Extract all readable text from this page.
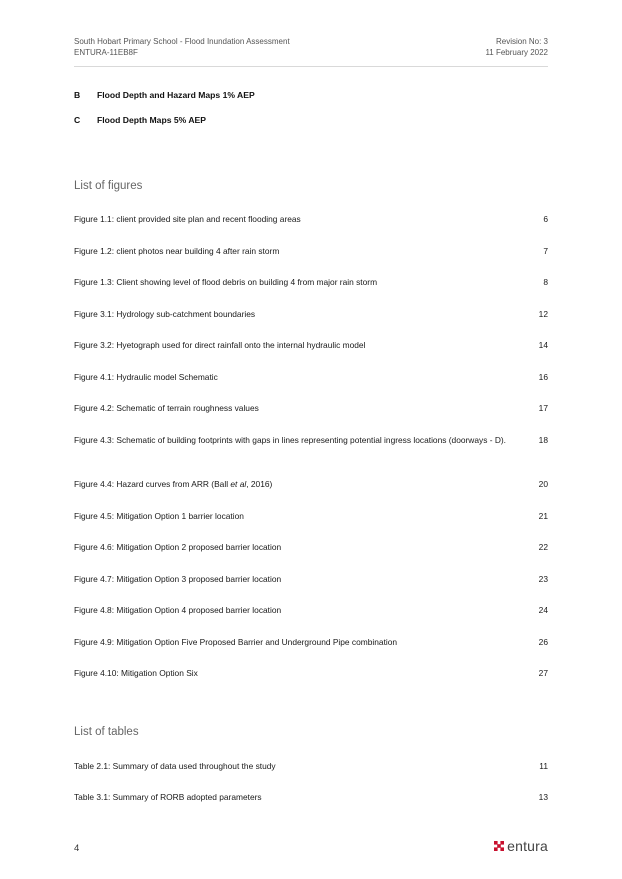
South Hobart Primary School - Flood Inundation Assessment
ENTURA-11EB8F
Revision No: 3
11 February 2022
B Flood Depth and Hazard Maps 1% AEP
C Flood Depth Maps 5% AEP
List of figures
Figure 1.1: client provided site plan and recent flooding areas	6
Figure 1.2: client photos near building 4 after rain storm	7
Figure 1.3: Client showing level of flood debris on building 4 from major rain storm	8
Figure 3.1: Hydrology sub-catchment boundaries	12
Figure 3.2: Hyetograph used for direct rainfall onto the internal hydraulic model	14
Figure 4.1: Hydraulic model Schematic	16
Figure 4.2: Schematic of terrain roughness values	17
Figure 4.3: Schematic of building footprints with gaps in lines representing potential ingress locations (doorways - D).	18
Figure 4.4: Hazard curves from ARR (Ball et al, 2016)	20
Figure 4.5: Mitigation Option 1 barrier location	21
Figure 4.6: Mitigation Option 2 proposed barrier location	22
Figure 4.7: Mitigation Option 3 proposed barrier location	23
Figure 4.8: Mitigation Option 4 proposed barrier location	24
Figure 4.9: Mitigation Option Five Proposed Barrier and Underground Pipe combination	26
Figure 4.10: Mitigation Option Six	27
List of tables
Table 2.1: Summary of data used throughout the study	11
Table 3.1: Summary of RORB adopted parameters	13
4	entura
